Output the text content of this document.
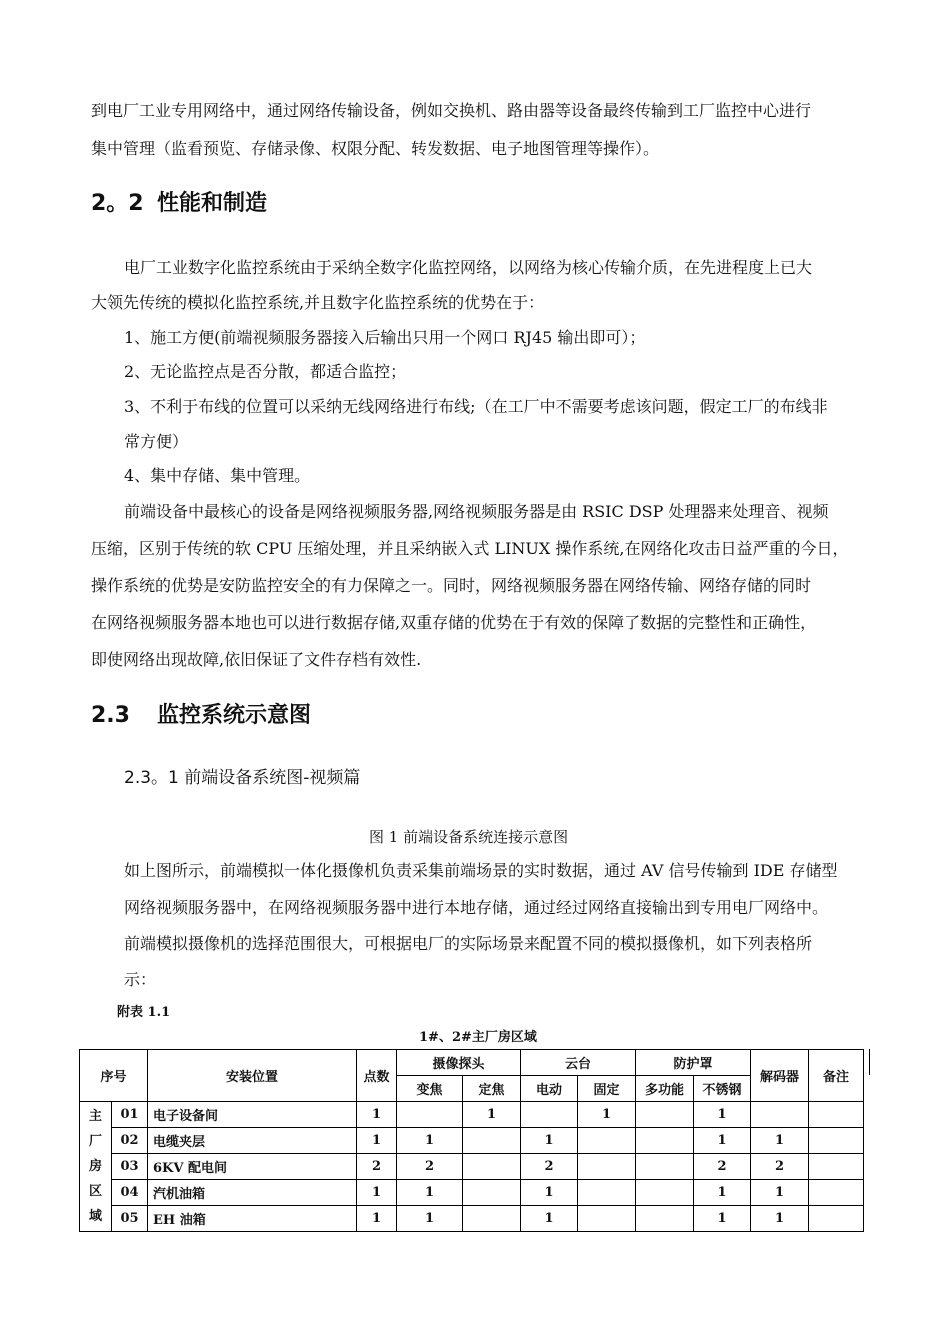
到电厂工业专用网络中，通过网络传输设备，例如交换机、路由器等设备最终传输到工厂监控中心进行
集中管理（监看预览、存储录像、权限分配、转发数据、电子地图管理等操作）。
2。2 性能和制造
电厂工业数字化监控系统由于采纳全数字化监控网络，以网络为核心传输介质，在先进程度上已大
大领先传统的模拟化监控系统,并且数字化监控系统的优势在于：
1、施工方便(前端视频服务器接入后输出只用一个网口 RJ45 输出即可）；
2、无论监控点是否分散，都适合监控；
3、不利于布线的位置可以采纳无线网络进行布线;（在工厂中不需要考虑该问题，假定工厂的布线非
常方便）
4、集中存储、集中管理。
前端设备中最核心的设备是网络视频服务器,网络视频服务器是由 RSIC DSP 处理器来处理音、视频
压缩，区别于传统的软 CPU 压缩处理，并且采纳嵌入式 LINUX 操作系统,在网络化攻击日益严重的今日，
操作系统的优势是安防监控安全的有力保障之一。同时，网络视频服务器在网络传输、网络存储的同时
在网络视频服务器本地也可以进行数据存储,双重存储的优势在于有效的保障了数据的完整性和正确性，
即使网络出现故障,依旧保证了文件存档有效性.
2.3 监控系统示意图
2.3。1 前端设备系统图-视频篇
图 1 前端设备系统连接示意图
如上图所示，前端模拟一体化摄像机负责采集前端场景的实时数据，通过 AV 信号传输到 IDE 存储型
网络视频服务器中，在网络视频服务器中进行本地存储，通过经过网络直接输出到专用电厂网络中。
前端模拟摄像机的选择范围很大，可根据电厂的实际场景来配置不同的模拟摄像机，如下列表格所
示：
附表 1.1
1#、2#主厂房区域
序号		安装位置	点数	摄像探头		云台		防护罩		解码器	备注
				变焦	定焦	电动	固定	多功能	不锈钢		
主
厂
房
区
域	01	电子设备间	1		1		1		1		
	02	电缆夹层	1	1		1			1	1	
	03	6KV 配电间	2	2		2			2	2	
	04	汽机油箱	1	1		1			1	1	
	05	EH 油箱	1	1		1			1	1	
